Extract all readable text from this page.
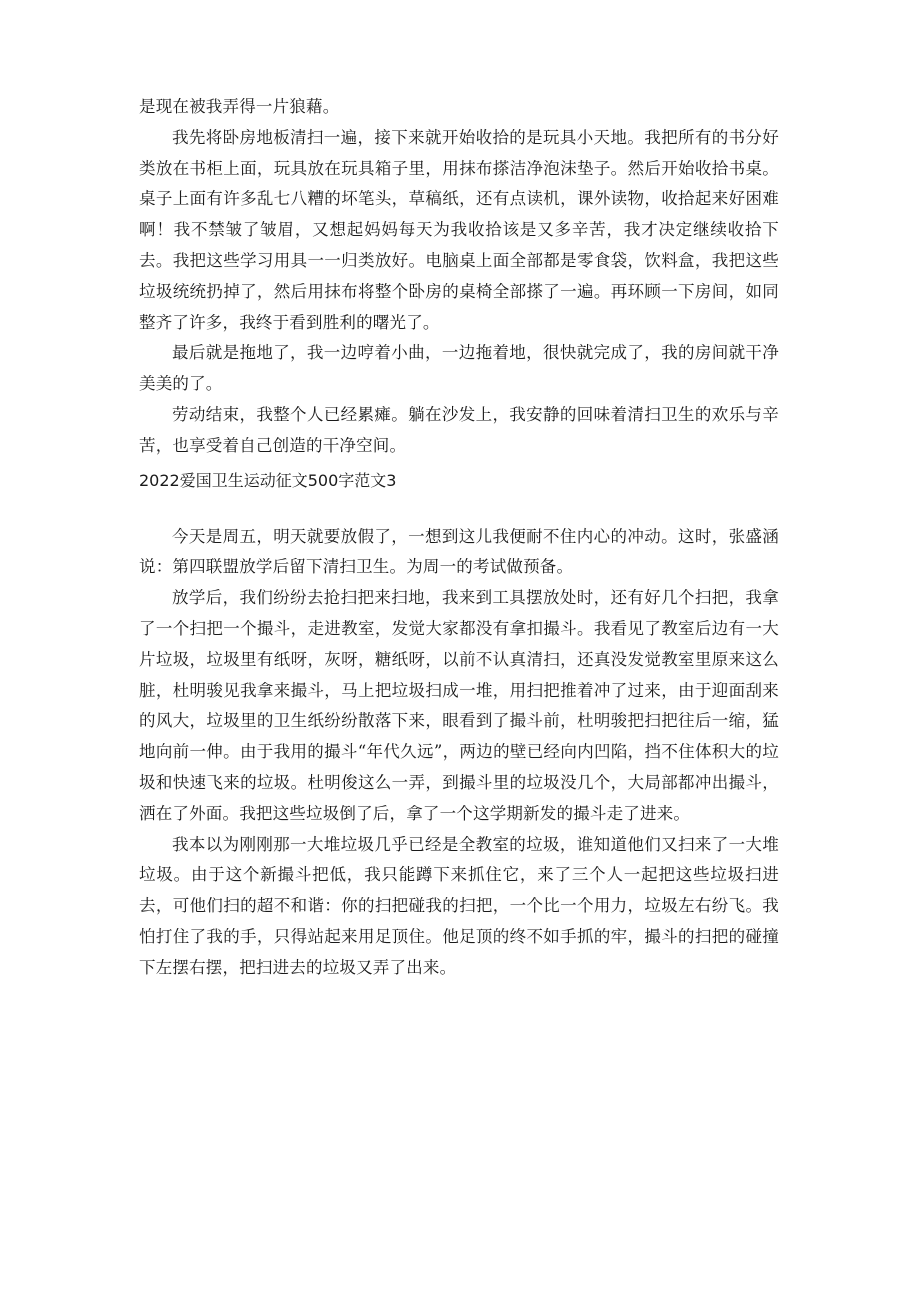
是现在被我弄得一片狼藉。

我先将卧房地板清扫一遍，接下来就开始收拾的是玩具小天地。我把所有的书分好类放在书柜上面，玩具放在玩具箱子里，用抹布搽洁净泡沫垫子。然后开始收拾书桌。桌子上面有许多乱七八糟的坏笔头，草稿纸，还有点读机，课外读物，收拾起来好困难啊！我不禁皱了皱眉，又想起妈妈每天为我收拾该是又多辛苦，我才决定继续收拾下去。我把这些学习用具一一归类放好。电脑桌上面全部都是零食袋，饮料盒，我把这些垃圾统统扔掉了，然后用抹布将整个卧房的桌椅全部搽了一遍。再环顾一下房间，如同整齐了许多，我终于看到胜利的曙光了。

最后就是拖地了，我一边哼着小曲，一边拖着地，很快就完成了，我的房间就干净美美的了。

劳动结束，我整个人已经累瘫。躺在沙发上，我安静的回味着清扫卫生的欢乐与辛苦，也享受着自己创造的干净空间。

2022爱国卫生运动征文500字范文3

今天是周五，明天就要放假了，一想到这儿我便耐不住内心的冲动。这时，张盛涵说：第四联盟放学后留下清扫卫生。为周一的考试做预备。

放学后，我们纷纷去抢扫把来扫地，我来到工具摆放处时，还有好几个扫把，我拿了一个扫把一个撮斗，走进教室，发觉大家都没有拿扣撮斗。我看见了教室后边有一大片垃圾，垃圾里有纸呀，灰呀，糖纸呀，以前不认真清扫，还真没发觉教室里原来这么脏，杜明骏见我拿来撮斗，马上把垃圾扫成一堆，用扫把推着冲了过来，由于迎面刮来的风大，垃圾里的卫生纸纷纷散落下来，眼看到了撮斗前，杜明骏把扫把往后一缩，猛地向前一伸。由于我用的撮斗“年代久远”，两边的壁已经向内凹陷，挡不住体积大的垃圾和快速飞来的垃圾。杜明俊这么一弄，到撮斗里的垃圾没几个，大局部都冲出撮斗，洒在了外面。我把这些垃圾倒了后，拿了一个这学期新发的撮斗走了进来。

我本以为刚刚那一大堆垃圾几乎已经是全教室的垃圾，谁知道他们又扫来了一大堆垃圾。由于这个新撮斗把低，我只能蹲下来抓住它，来了三个人一起把这些垃圾扫进去，可他们扫的超不和谐：你的扫把碰我的扫把，一个比一个用力，垃圾左右纷飞。我怕打住了我的手，只得站起来用足顶住。他足顶的终不如手抓的牢，撮斗的扫把的碰撞下左摆右摆，把扫进去的垃圾又弄了出来。
